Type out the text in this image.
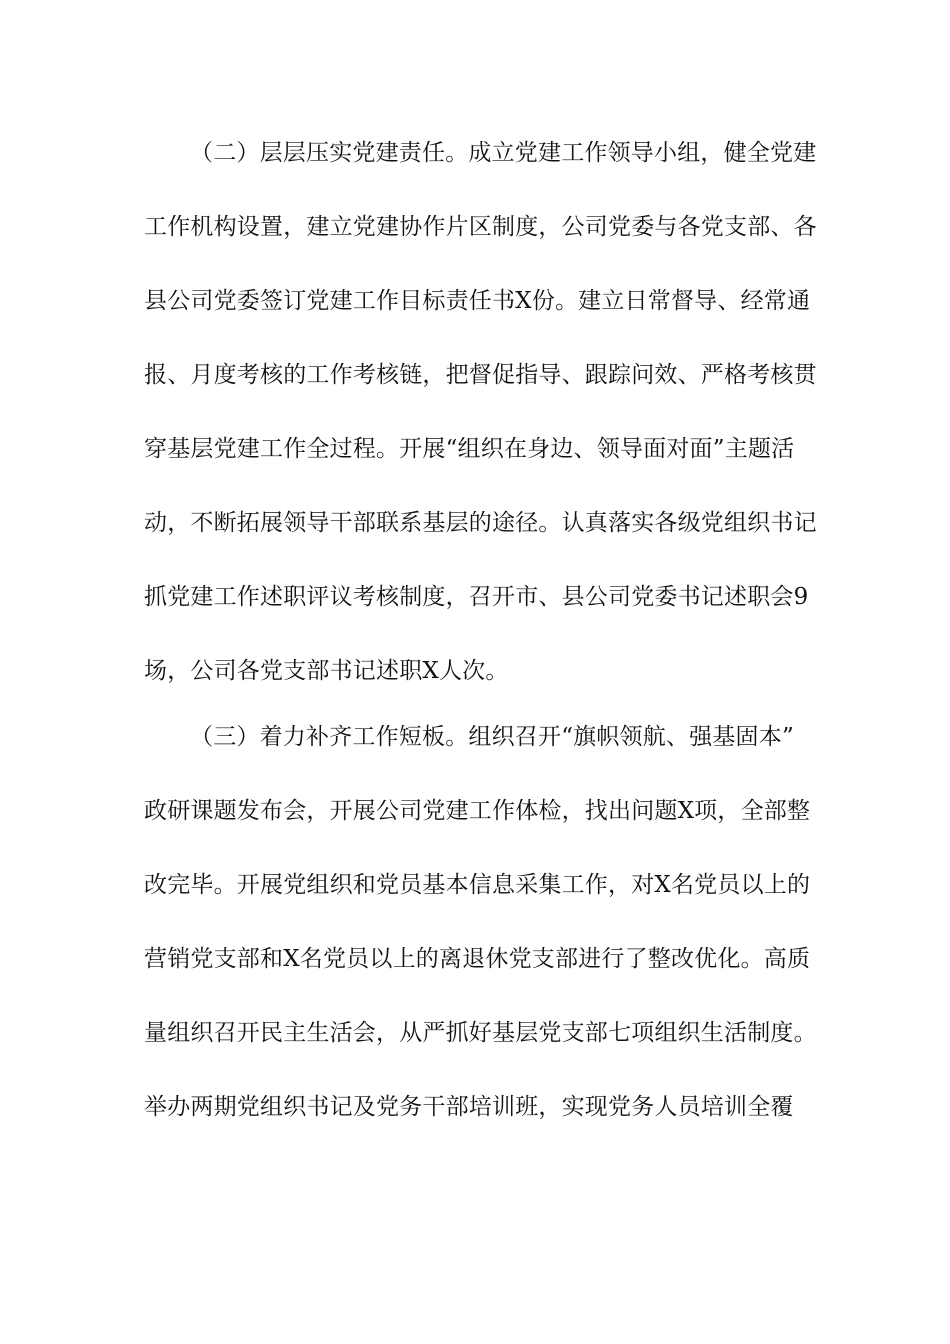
（二）层层压实党建责任。成立党建工作领导小组，健全党建
工作机构设置，建立党建协作片区制度，公司党委与各党支部、各
县公司党委签订党建工作目标责任书X份。建立日常督导、经常通
报、月度考核的工作考核链，把督促指导、跟踪问效、严格考核贯
穿基层党建工作全过程。开展“组织在身边、领导面对面”主题活
动，不断拓展领导干部联系基层的途径。认真落实各级党组织书记
抓党建工作述职评议考核制度，召开市、县公司党委书记述职会9
场，公司各党支部书记述职X人次。
（三）着力补齐工作短板。组织召开“旗帜领航、强基固本”
政研课题发布会，开展公司党建工作体检，找出问题X项，全部整
改完毕。开展党组织和党员基本信息采集工作，对X名党员以上的
营销党支部和X名党员以上的离退休党支部进行了整改优化。高质
量组织召开民主生活会，从严抓好基层党支部七项组织生活制度。
举办两期党组织书记及党务干部培训班，实现党务人员培训全覆
